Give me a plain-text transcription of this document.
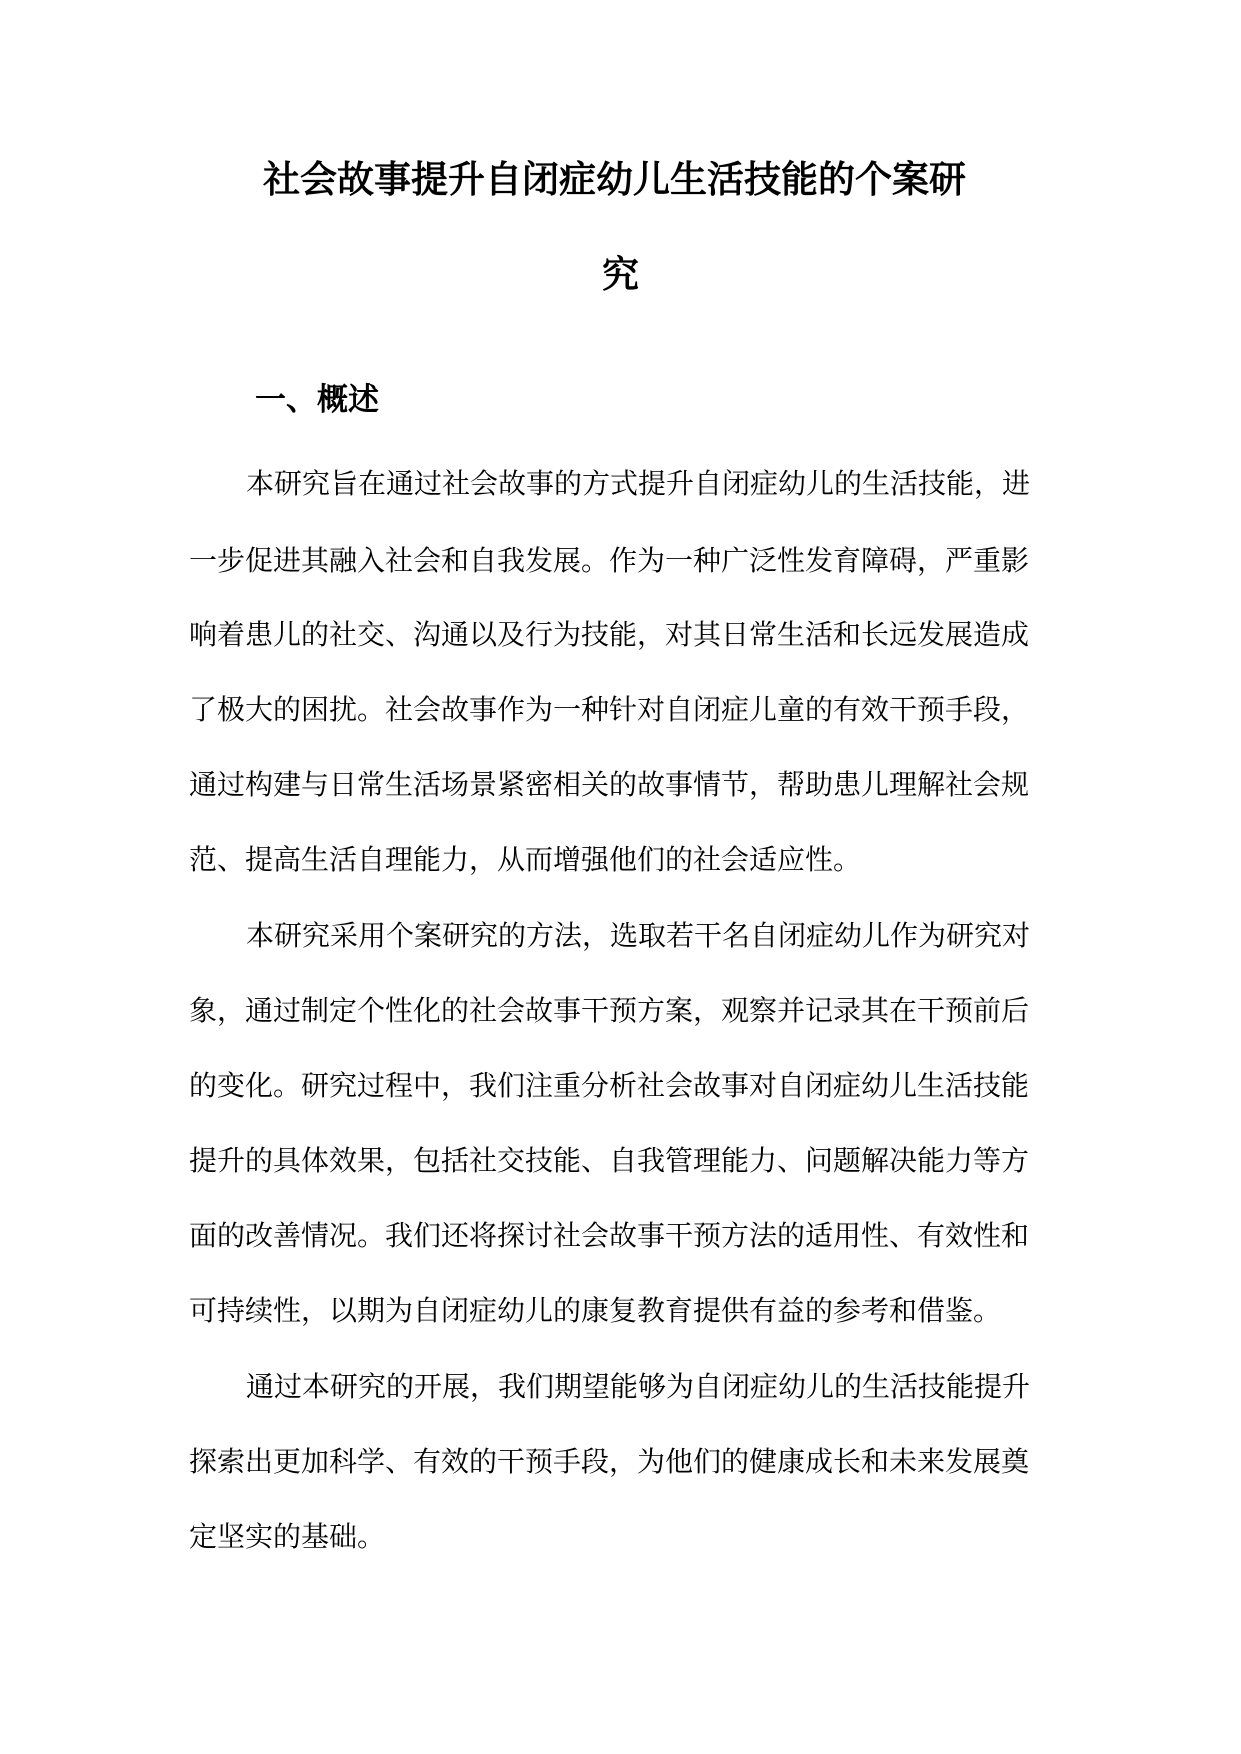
社会故事提升自闭症幼儿生活技能的个案研
究
一、概述

本研究旨在通过社会故事的方式提升自闭症幼儿的生活技能，进

一步促进其融入社会和自我发展。作为一种广泛性发育障碍，严重影

响着患儿的社交、沟通以及行为技能，对其日常生活和长远发展造成

了极大的困扰。社会故事作为一种针对自闭症儿童的有效干预手段，

通过构建与日常生活场景紧密相关的故事情节，帮助患儿理解社会规

范、提高生活自理能力，从而增强他们的社会适应性。

本研究采用个案研究的方法，选取若干名自闭症幼儿作为研究对

象，通过制定个性化的社会故事干预方案，观察并记录其在干预前后

的变化。研究过程中，我们注重分析社会故事对自闭症幼儿生活技能

提升的具体效果，包括社交技能、自我管理能力、问题解决能力等方

面的改善情况。我们还将探讨社会故事干预方法的适用性、有效性和

可持续性，以期为自闭症幼儿的康复教育提供有益的参考和借鉴。

通过本研究的开展，我们期望能够为自闭症幼儿的生活技能提升

探索出更加科学、有效的干预手段，为他们的健康成长和未来发展奠

定坚实的基础。
